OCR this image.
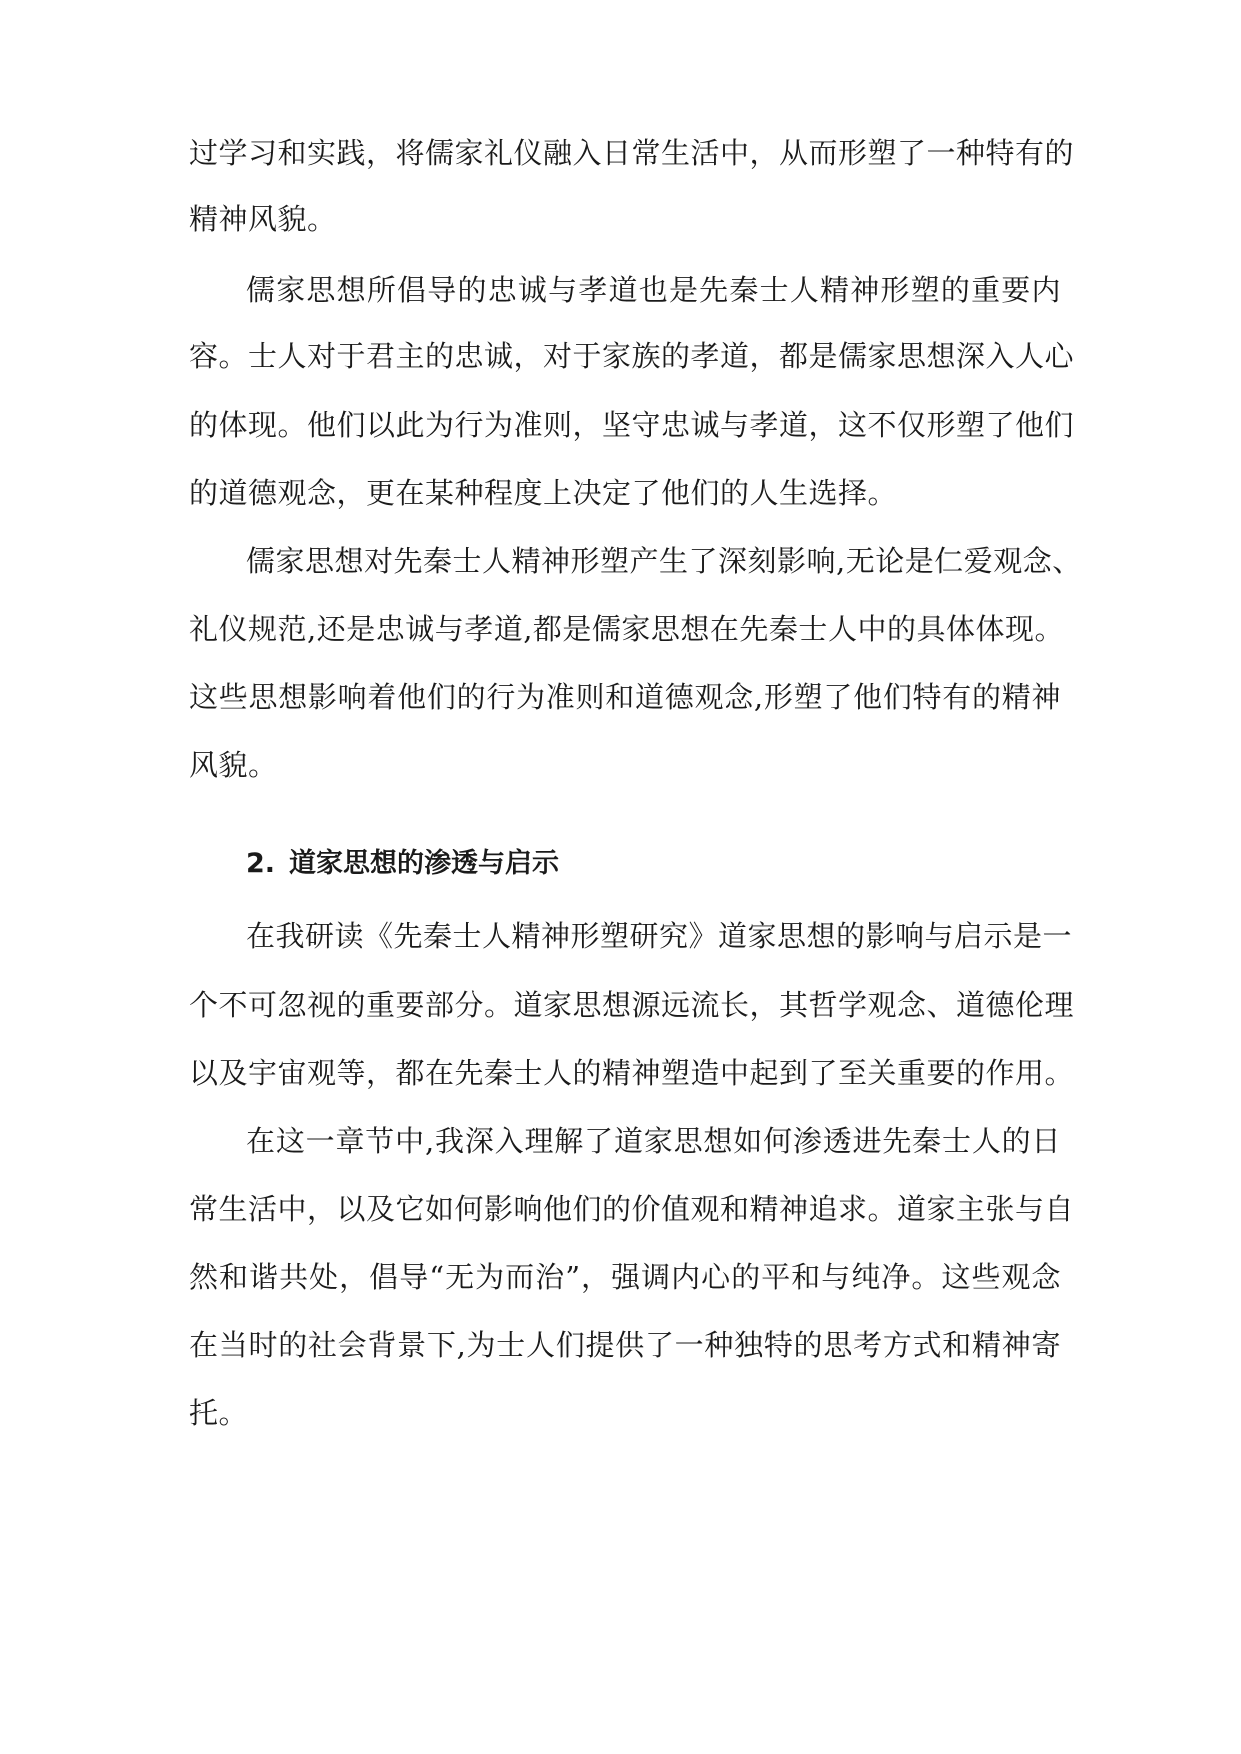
过学习和实践，将儒家礼仪融入日常生活中，从而形塑了一种特有的
精神风貌。
儒家思想所倡导的忠诚与孝道也是先秦士人精神形塑的重要内
容。士人对于君主的忠诚，对于家族的孝道，都是儒家思想深入人心
的体现。他们以此为行为准则，坚守忠诚与孝道，这不仅形塑了他们
的道德观念，更在某种程度上决定了他们的人生选择。
儒家思想对先秦士人精神形塑产生了深刻影响,无论是仁爱观念、
礼仪规范,还是忠诚与孝道,都是儒家思想在先秦士人中的具体体现。
这些思想影响着他们的行为准则和道德观念,形塑了他们特有的精神
风貌。
2. 道家思想的渗透与启示
在我研读《先秦士人精神形塑研究》道家思想的影响与启示是一
个不可忽视的重要部分。道家思想源远流长，其哲学观念、道德伦理
以及宇宙观等，都在先秦士人的精神塑造中起到了至关重要的作用。
在这一章节中,我深入理解了道家思想如何渗透进先秦士人的日
常生活中，以及它如何影响他们的价值观和精神追求。道家主张与自
然和谐共处，倡导“无为而治”，强调内心的平和与纯净。这些观念
在当时的社会背景下,为士人们提供了一种独特的思考方式和精神寄
托。
